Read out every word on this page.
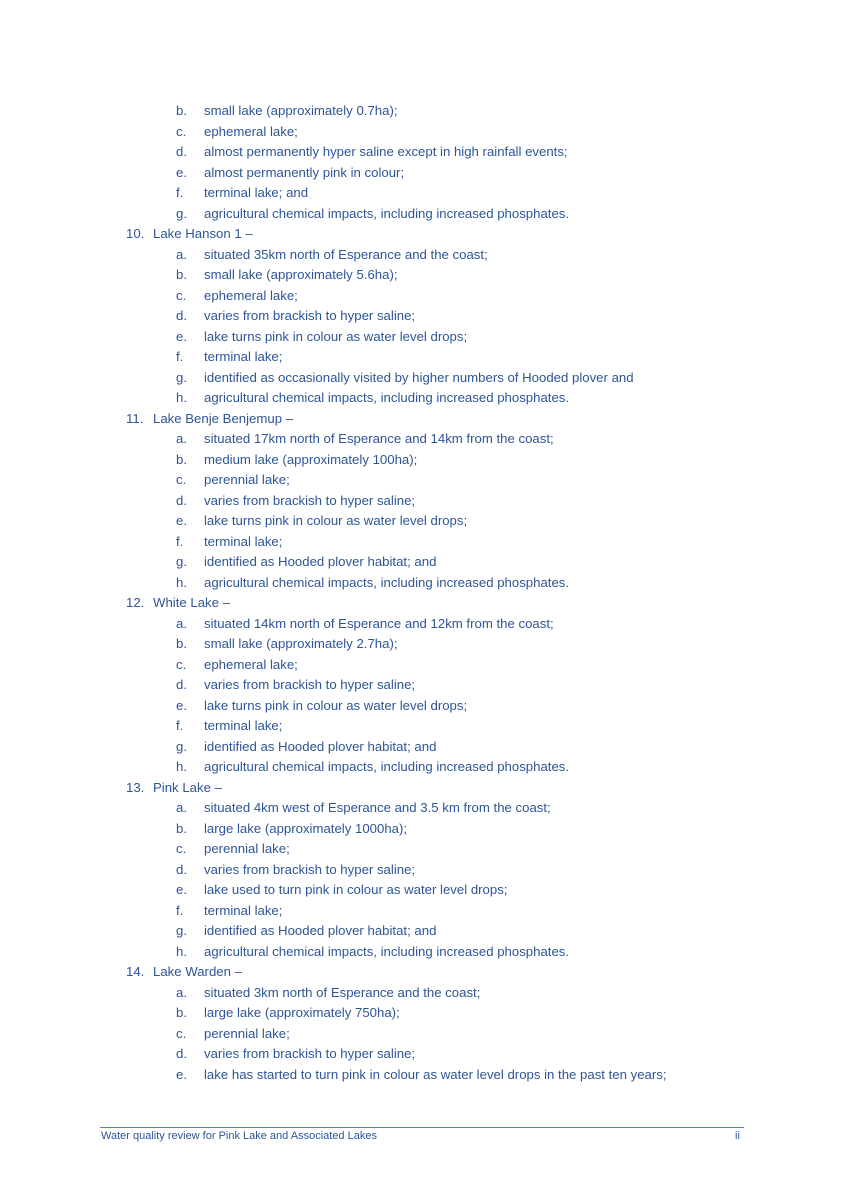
b.	small lake (approximately 0.7ha);
c.	ephemeral lake;
d.	almost permanently hyper saline except in high rainfall events;
e.	almost permanently pink in colour;
f.	terminal lake; and
g.	agricultural chemical impacts, including increased phosphates.
10. Lake Hanson 1 –
a.	situated 35km north of Esperance and the coast;
b.	small lake (approximately 5.6ha);
c.	ephemeral lake;
d.	varies from brackish to hyper saline;
e.	lake turns pink in colour as water level drops;
f.	terminal lake;
g.	identified as occasionally visited by higher numbers of Hooded plover and
h.	agricultural chemical impacts, including increased phosphates.
11. Lake Benje Benjemup –
a.	situated 17km north of Esperance and 14km from the coast;
b.	medium lake (approximately 100ha);
c.	perennial lake;
d.	varies from brackish to hyper saline;
e.	lake turns pink in colour as water level drops;
f.	terminal lake;
g.	identified as Hooded plover habitat; and
h.	agricultural chemical impacts, including increased phosphates.
12. White Lake –
a.	situated 14km north of Esperance and 12km from the coast;
b.	small lake (approximately 2.7ha);
c.	ephemeral lake;
d.	varies from brackish to hyper saline;
e.	lake turns pink in colour as water level drops;
f.	terminal lake;
g.	identified as Hooded plover habitat; and
h.	agricultural chemical impacts, including increased phosphates.
13. Pink Lake –
a.	situated 4km west of Esperance and 3.5 km from the coast;
b.	large lake (approximately 1000ha);
c.	perennial lake;
d.	varies from brackish to hyper saline;
e.	lake used to turn pink in colour as water level drops;
f.	terminal lake;
g.	identified as Hooded plover habitat; and
h.	agricultural chemical impacts, including increased phosphates.
14. Lake Warden –
a.	situated 3km north of Esperance and the coast;
b.	large lake (approximately 750ha);
c.	perennial lake;
d.	varies from brackish to hyper saline;
e.	lake has started to turn pink in colour as water level drops in the past ten years;
Water quality review for Pink Lake and Associated Lakes	ii
